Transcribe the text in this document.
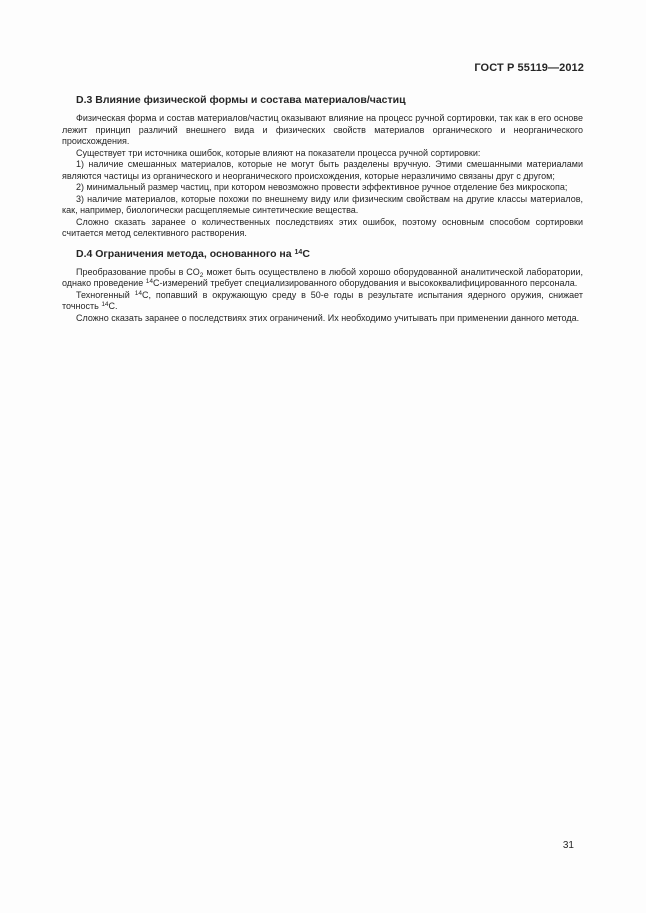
ГОСТ Р 55119—2012
D.3 Влияние физической формы и состава материалов/частиц

Физическая форма и состав материалов/частиц оказывают влияние на процесс ручной сортировки, так как в его основе лежит принцип различий внешнего вида и физических свойств материалов органического и неорганического происхождения.

Существует три источника ошибок, которые влияют на показатели процесса ручной сортировки:

1) наличие смешанных материалов, которые не могут быть разделены вручную. Этими смешанными материалами являются частицы из органического и неорганического происхождения, которые неразличимо связаны друг с другом;

2) минимальный размер частиц, при котором невозможно провести эффективное ручное отделение без микроскопа;

3) наличие материалов, которые похожи по внешнему виду или физическим свойствам на другие классы материалов, как, например, биологически расщепляемые синтетические вещества.

Сложно сказать заранее о количественных последствиях этих ошибок, поэтому основным способом сортировки считается метод селективного растворения.

D.4 Ограничения метода, основанного на $^{14}$C

Преобразование пробы в $CO_2$ может быть осуществлено в любой хорошо оборудованной аналитической лаборатории, однако проведение $^{14}$C-измерений требует специализированного оборудования и высококвалифицированного персонала.

Техногенный $^{14}$C, попавший в окружающую среду в 50-е годы в результате испытания ядерного оружия, снижает точность $^{14}$C.

Сложно сказать заранее о последствиях этих ограничений. Их необходимо учитывать при применении данного метода.

31
